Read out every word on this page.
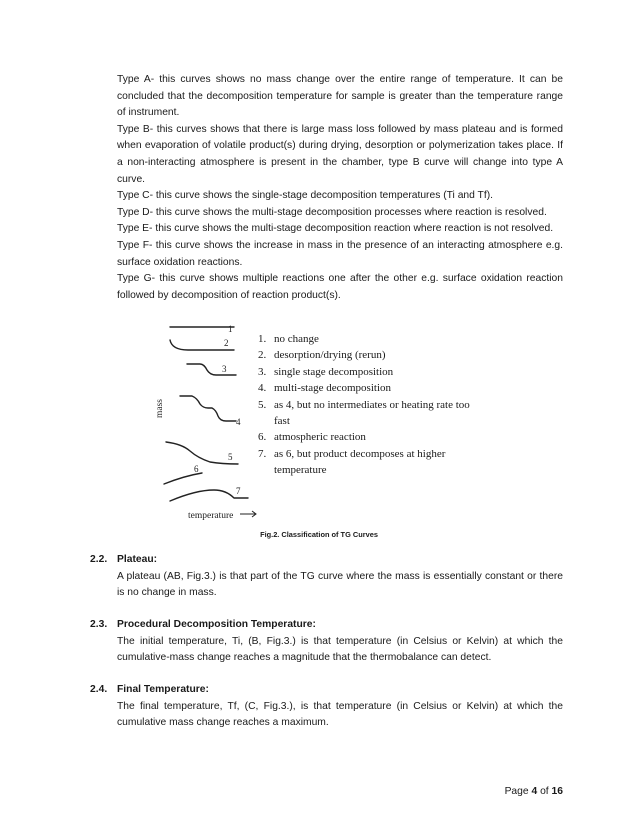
Type A- this curves shows no mass change over the entire range of temperature. It can be concluded that the decomposition temperature for sample is greater than the temperature range of instrument.

Type B- this curves shows that there is large mass loss followed by mass plateau and is formed when evaporation of volatile product(s) during drying, desorption or polymerization takes place. If a non-interacting atmosphere is present in the chamber, type B curve will change into type A curve.

Type C- this curve shows the single-stage decomposition temperatures (Ti and Tf).

Type D- this curve shows the multi-stage decomposition processes where reaction is resolved.

Type E- this curve shows the multi-stage decomposition reaction where reaction is not resolved.

Type F- this curve shows the increase in mass in the presence of an interacting atmosphere e.g. surface oxidation reactions.

Type G- this curve shows multiple reactions one after the other e.g. surface oxidation reaction followed by decomposition of reaction product(s).

1
2
3
4
5
6
7
mass
temperature
1. no change
2. desorption/drying (rerun)
3. single stage decomposition
4. multi-stage decomposition
5. as 4, but no intermediates or heating rate too fast
6. atmospheric reaction
7. as 6, but product decomposes at higher temperature
Fig.2. Classification of TG Curves
2.2. Plateau:
A plateau (AB, Fig.3.) is that part of the TG curve where the mass is essentially constant or there is no change in mass.
2.3. Procedural Decomposition Temperature:
The initial temperature, Ti, (B, Fig.3.) is that temperature (in Celsius or Kelvin) at which the cumulative-mass change reaches a magnitude that the thermobalance can detect.
2.4. Final Temperature:
The final temperature, Tf, (C, Fig.3.), is that temperature (in Celsius or Kelvin) at which the cumulative mass change reaches a maximum.
Page 4 of 16
